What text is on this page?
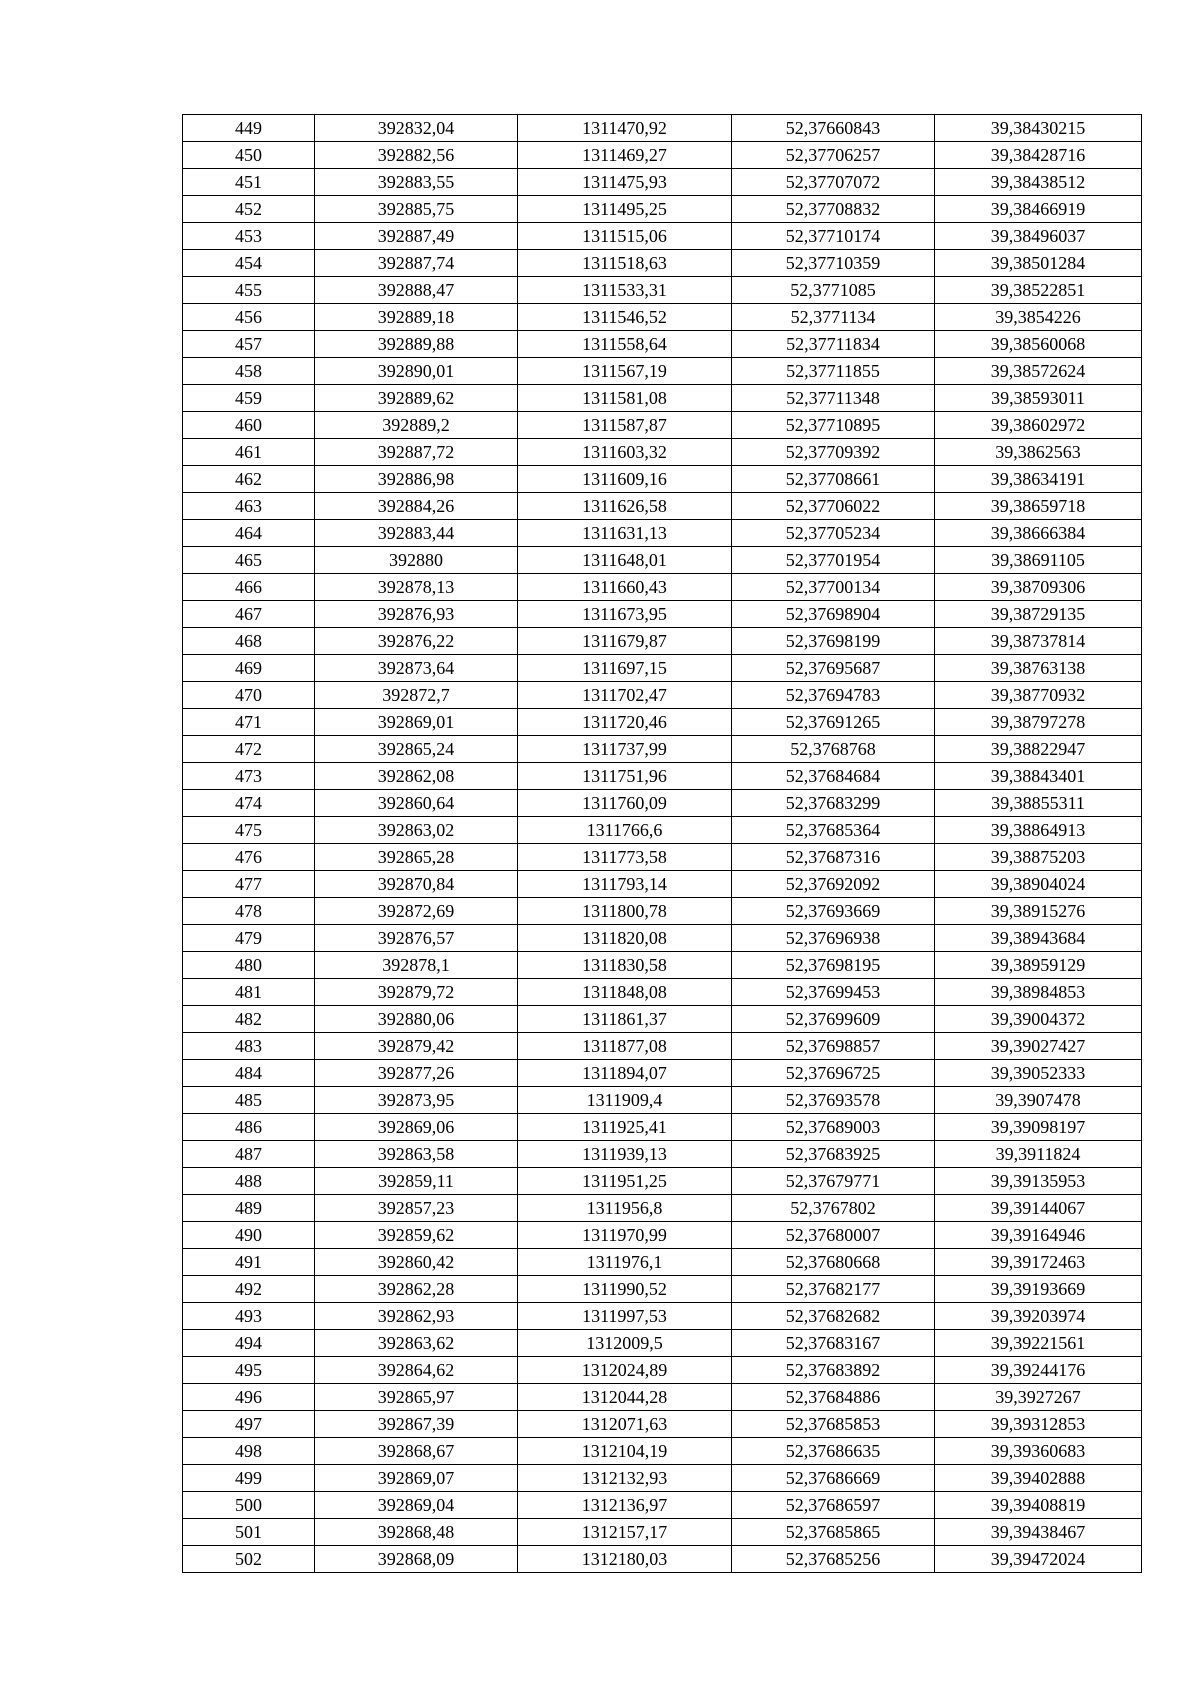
449	392832,04	1311470,92	52,37660843	39,38430215
450	392882,56	1311469,27	52,37706257	39,38428716
451	392883,55	1311475,93	52,37707072	39,38438512
452	392885,75	1311495,25	52,37708832	39,38466919
453	392887,49	1311515,06	52,37710174	39,38496037
454	392887,74	1311518,63	52,37710359	39,38501284
455	392888,47	1311533,31	52,3771085	39,38522851
456	392889,18	1311546,52	52,3771134	39,3854226
457	392889,88	1311558,64	52,37711834	39,38560068
458	392890,01	1311567,19	52,37711855	39,38572624
459	392889,62	1311581,08	52,37711348	39,38593011
460	392889,2	1311587,87	52,37710895	39,38602972
461	392887,72	1311603,32	52,37709392	39,3862563
462	392886,98	1311609,16	52,37708661	39,38634191
463	392884,26	1311626,58	52,37706022	39,38659718
464	392883,44	1311631,13	52,37705234	39,38666384
465	392880	1311648,01	52,37701954	39,38691105
466	392878,13	1311660,43	52,37700134	39,38709306
467	392876,93	1311673,95	52,37698904	39,38729135
468	392876,22	1311679,87	52,37698199	39,38737814
469	392873,64	1311697,15	52,37695687	39,38763138
470	392872,7	1311702,47	52,37694783	39,38770932
471	392869,01	1311720,46	52,37691265	39,38797278
472	392865,24	1311737,99	52,3768768	39,38822947
473	392862,08	1311751,96	52,37684684	39,38843401
474	392860,64	1311760,09	52,37683299	39,38855311
475	392863,02	1311766,6	52,37685364	39,38864913
476	392865,28	1311773,58	52,37687316	39,38875203
477	392870,84	1311793,14	52,37692092	39,38904024
478	392872,69	1311800,78	52,37693669	39,38915276
479	392876,57	1311820,08	52,37696938	39,38943684
480	392878,1	1311830,58	52,37698195	39,38959129
481	392879,72	1311848,08	52,37699453	39,38984853
482	392880,06	1311861,37	52,37699609	39,39004372
483	392879,42	1311877,08	52,37698857	39,39027427
484	392877,26	1311894,07	52,37696725	39,39052333
485	392873,95	1311909,4	52,37693578	39,3907478
486	392869,06	1311925,41	52,37689003	39,39098197
487	392863,58	1311939,13	52,37683925	39,3911824
488	392859,11	1311951,25	52,37679771	39,39135953
489	392857,23	1311956,8	52,3767802	39,39144067
490	392859,62	1311970,99	52,37680007	39,39164946
491	392860,42	1311976,1	52,37680668	39,39172463
492	392862,28	1311990,52	52,37682177	39,39193669
493	392862,93	1311997,53	52,37682682	39,39203974
494	392863,62	1312009,5	52,37683167	39,39221561
495	392864,62	1312024,89	52,37683892	39,39244176
496	392865,97	1312044,28	52,37684886	39,3927267
497	392867,39	1312071,63	52,37685853	39,39312853
498	392868,67	1312104,19	52,37686635	39,39360683
499	392869,07	1312132,93	52,37686669	39,39402888
500	392869,04	1312136,97	52,37686597	39,39408819
501	392868,48	1312157,17	52,37685865	39,39438467
502	392868,09	1312180,03	52,37685256	39,39472024
